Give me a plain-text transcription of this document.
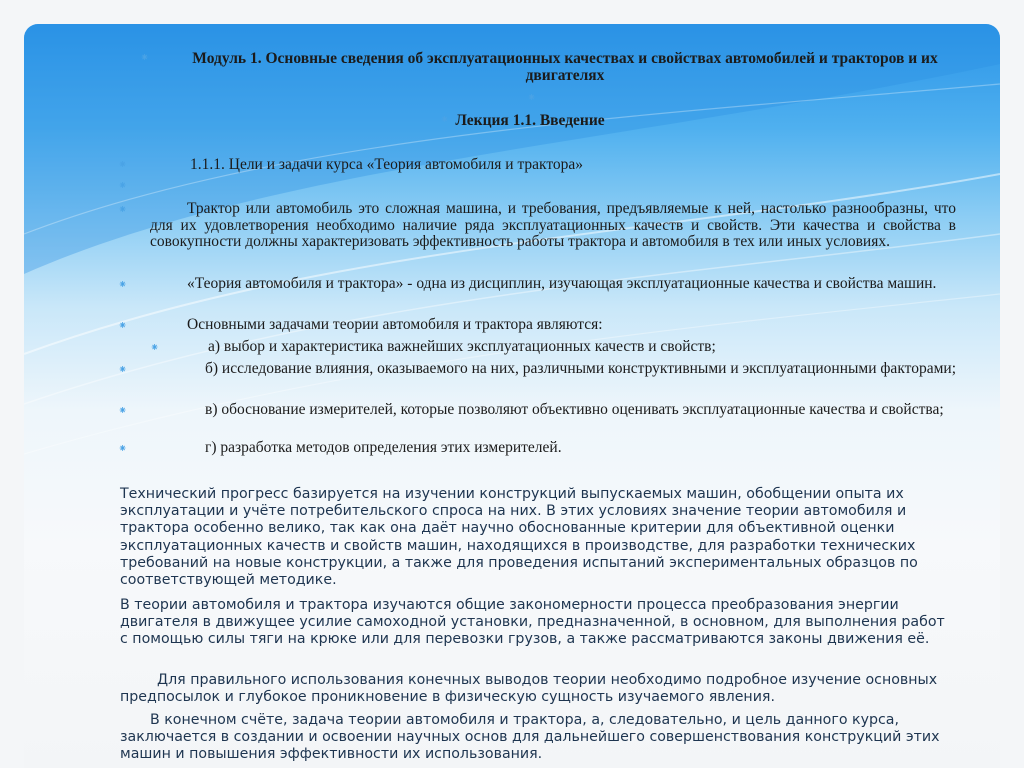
⁕	Модуль 1. Основные сведения об эксплуатационных качествах и свойствах автомобилей и тракторов и их двигателях
⁕
⁕ Лекция 1.1. Введение
⁕	1.1.1. Цели и задачи курса «Теория автомобиля и трактора»
⁕
⁕	Трактор или автомобиль это сложная машина, и требования, предъявляемые к ней, настолько разнообразны, что для их удовлетворения необходимо наличие ряда эксплуатационных качеств и свойств. Эти качества и свойства в совокупности должны характеризовать эффективность работы трактора и автомобиля в тех или иных условиях.
⁕	«Теория автомобиля и трактора» - одна из дисциплин, изучающая эксплуатационные качества и свойства машин.
⁕	Основными задачами теории автомобиля и трактора являются:
⁕	а) выбор и характеристика важнейших эксплуатационных качеств и свойств;
⁕	б) исследование влияния, оказываемого на них, различными конструктивными и эксплуатационными факторами;
⁕	в) обоснование измерителей, которые позволяют объективно оценивать эксплуатационные качества и свойства;
⁕	г) разработка методов определения этих измерителей.
Технический прогресс базируется на изучении конструкций выпускаемых машин, обобщении опыта их эксплуатации и учёте потребительского спроса на них. В этих условиях значение теории автомобиля и трактора особенно велико, так как она даёт научно обоснованные критерии для объективной оценки эксплуатационных качеств и свойств машин, находящихся в производстве, для разработки технических требований на новые конструкции, а также для проведения испытаний экспериментальных образцов по соответствующей методике.
В теории автомобиля и трактора изучаются общие закономерности процесса преобразования энергии двигателя в движущее усилие самоходной установки, предназначенной, в основном, для выполнения работ с помощью силы тяги на крюке или для перевозки грузов, а также рассматриваются законы движения её.
Для правильного использования конечных выводов теории необходимо подробное изучение основных предпосылок и глубокое проникновение в физическую сущность изучаемого явления.
В конечном счёте, задача теории автомобиля и трактора, а, следовательно, и цель данного курса, заключается в создании и освоении научных основ для дальнейшего совершенствования конструкций этих машин и повышения эффективности их использования.
